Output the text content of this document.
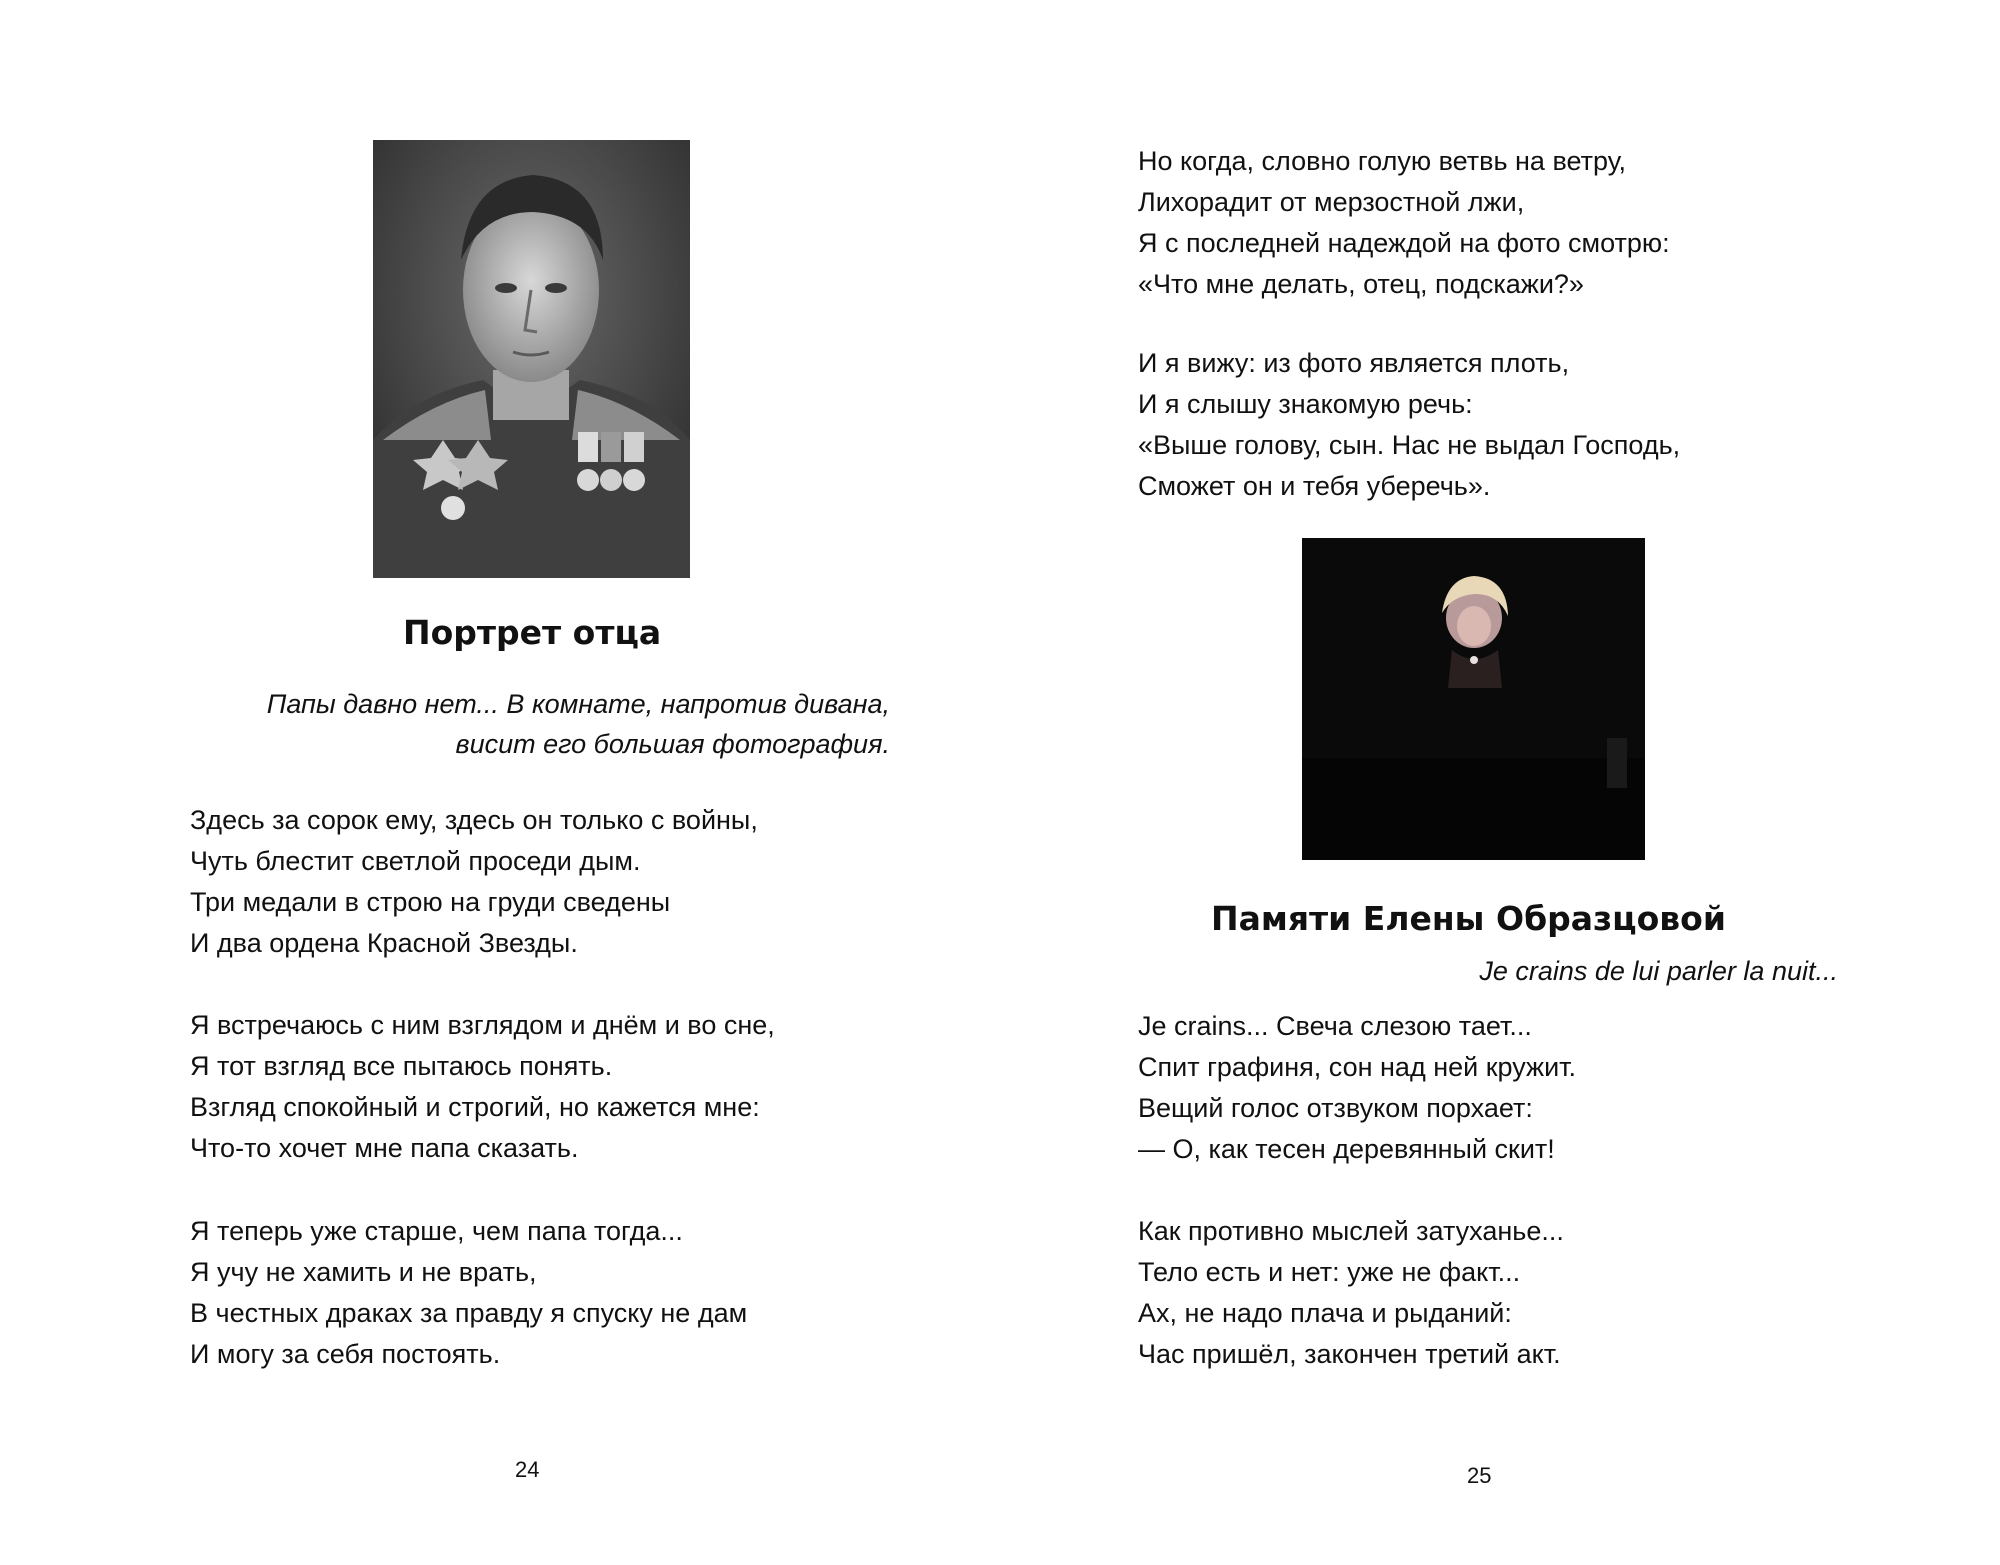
Портрет отца
Папы давно нет... В комнате, напротив дивана,
висит его большая фотография.
Здесь за сорок ему, здесь он только с войны,
Чуть блестит светлой проседи дым.
Три медали в строю на груди сведены
И два ордена Красной Звезды.
Я встречаюсь с ним взглядом и днём и во сне,
Я тот взгляд все пытаюсь понять.
Взгляд спокойный и строгий, но кажется мне:
Что-то хочет мне папа сказать.
Я теперь уже старше, чем папа тогда...
Я учу не хамить и не врать,
В честных драках за правду я спуску не дам
И могу за себя постоять.
24
Но когда, словно голую ветвь на ветру,
Лихорадит от мерзостной лжи,
Я с последней надеждой на фото смотрю:
«Что мне делать, отец, подскажи?»
И я вижу: из фото является плоть,
И я слышу знакомую речь:
«Выше голову, сын. Нас не выдал Господь,
Сможет он и тебя уберечь».
Памяти Елены Образцовой
Je crains de lui parler la nuit...
Je crains... Свеча слезою тает...
Спит графиня, сон над ней кружит.
Вещий голос отзвуком порхает:
— О, как тесен деревянный скит!
Как противно мыслей затуханье...
Тело есть и нет: уже не факт...
Ах, не надо плача и рыданий:
Час пришёл, закончен третий акт.
25
